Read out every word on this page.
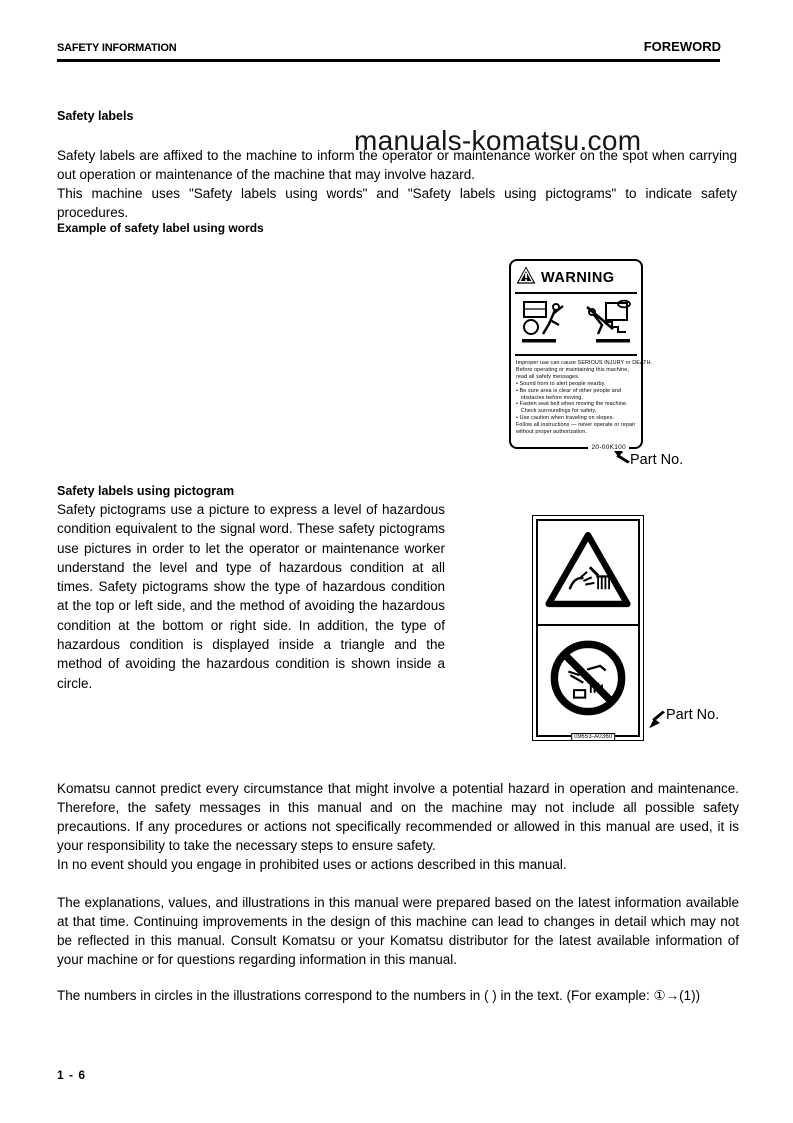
SAFETY INFORMATION	FOREWORD
manuals-komatsu.com
Safety labels

Safety labels are affixed to the machine to inform the operator or maintenance worker on the spot when carrying out operation or maintenance of the machine that may involve hazard.

This machine uses "Safety labels using words" and "Safety labels using pictograms" to indicate safety procedures.

Example of safety label using words
WARNING
Improper use can cause SERIOUS INJURY or DEATH.
Before operating or maintaining this machine,
read all safety messages.
• Sound horn to alert people nearby.
• Be sure area is clear of other people and
obstacles before moving.
• Fasten seat belt when moving the machine.
Check surroundings for safety.
• Use caution when traveling on slopes.
Follow all instructions — never operate or repair
without proper authorization.
20-00K100
Part No.
Safety labels using pictogram
Safety pictograms use a picture to express a level of hazardous condition equivalent to the signal word. These safety pictograms use pictures in order to let the operator or maintenance worker understand the level and type of hazardous condition at all times. Safety pictograms show the type of hazardous condition at the top or left side, and the method of avoiding the hazardous condition at the bottom or right side. In addition, the type of hazardous condition is displayed inside a triangle and the method of avoiding the hazardous condition is shown inside a circle.
09653-A0360
Part No.

Komatsu cannot predict every circumstance that might involve a potential hazard in operation and maintenance. Therefore, the safety messages in this manual and on the machine may not include all possible safety precautions. If any procedures or actions not specifically recommended or allowed in this manual are used, it is your responsibility to take the necessary steps to ensure safety.

In no event should you engage in prohibited uses or actions described in this manual.

The explanations, values, and illustrations in this manual were prepared based on the latest information available at that time. Continuing improvements in the design of this machine can lead to changes in detail which may not be reflected in this manual. Consult Komatsu or your Komatsu distributor for the latest available information of your machine or for questions regarding information in this manual.

The numbers in circles in the illustrations correspond to the numbers in ( ) in the text. (For example: ①→(1))

1 - 6
